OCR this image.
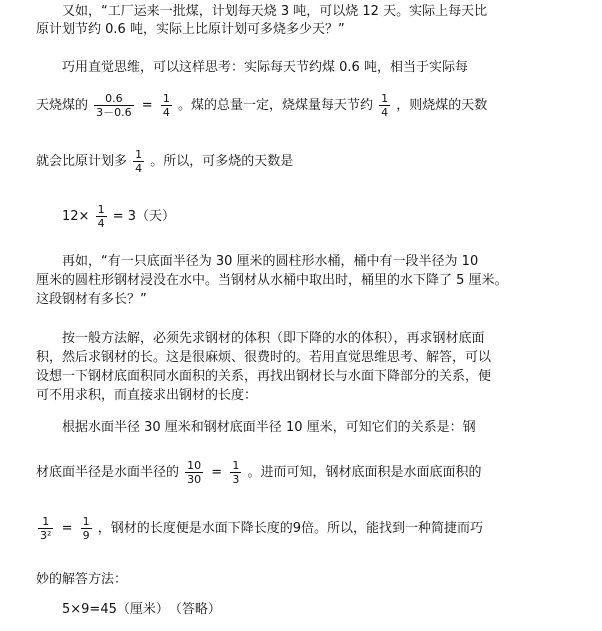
又如，“工厂运来一批煤，计划每天烧 3 吨，可以烧 12 天。实际上每天比
原计划节约 0.6 吨，实际上比原计划可多烧多少天？”
巧用直觉思维，可以这样思考：实际每天节约煤 0.6 吨，相当于实际每
天烧煤的 $\frac{0.6}{3-0.6} = \frac{1}{4}$ 。煤的总量一定，烧煤量每天节约 $\frac{1}{4}$ ，则烧煤的天数
就会比原计划多 $\frac{1}{4}$ 。所以，可多烧的天数是
$12\times \frac{1}{4} = 3$（天）
再如，“有一只底面半径为 30 厘米的圆柱形水桶，桶中有一段半径为 10
厘米的圆柱形钢材浸没在水中。当钢材从水桶中取出时，桶里的水下降了 5 厘米。
这段钢材有多长？”
按一般方法解，必须先求钢材的体积（即下降的水的体积），再求钢材底面
积，然后求钢材的长。这是很麻烦、很费时的。若用直觉思维思考、解答，可以
设想一下钢材底面积同水面积的关系，再找出钢材长与水面下降部分的关系，便
可不用求积，而直接求出钢材的长度：
根据水面半径 30 厘米和钢材底面半径 10 厘米，可知它们的关系是：钢
材底面半径是水面半径的 $\frac{10}{30} = \frac{1}{3}$ 。进而可知，钢材底面积是水面底面积的
$\frac{1}{\text{3²}} = \frac{1}{9}$ ，钢材的长度便是水面下降长度的9倍。所以，能找到一种简捷而巧
妙的解答方法：
5×9=45（厘米）　（答略）
